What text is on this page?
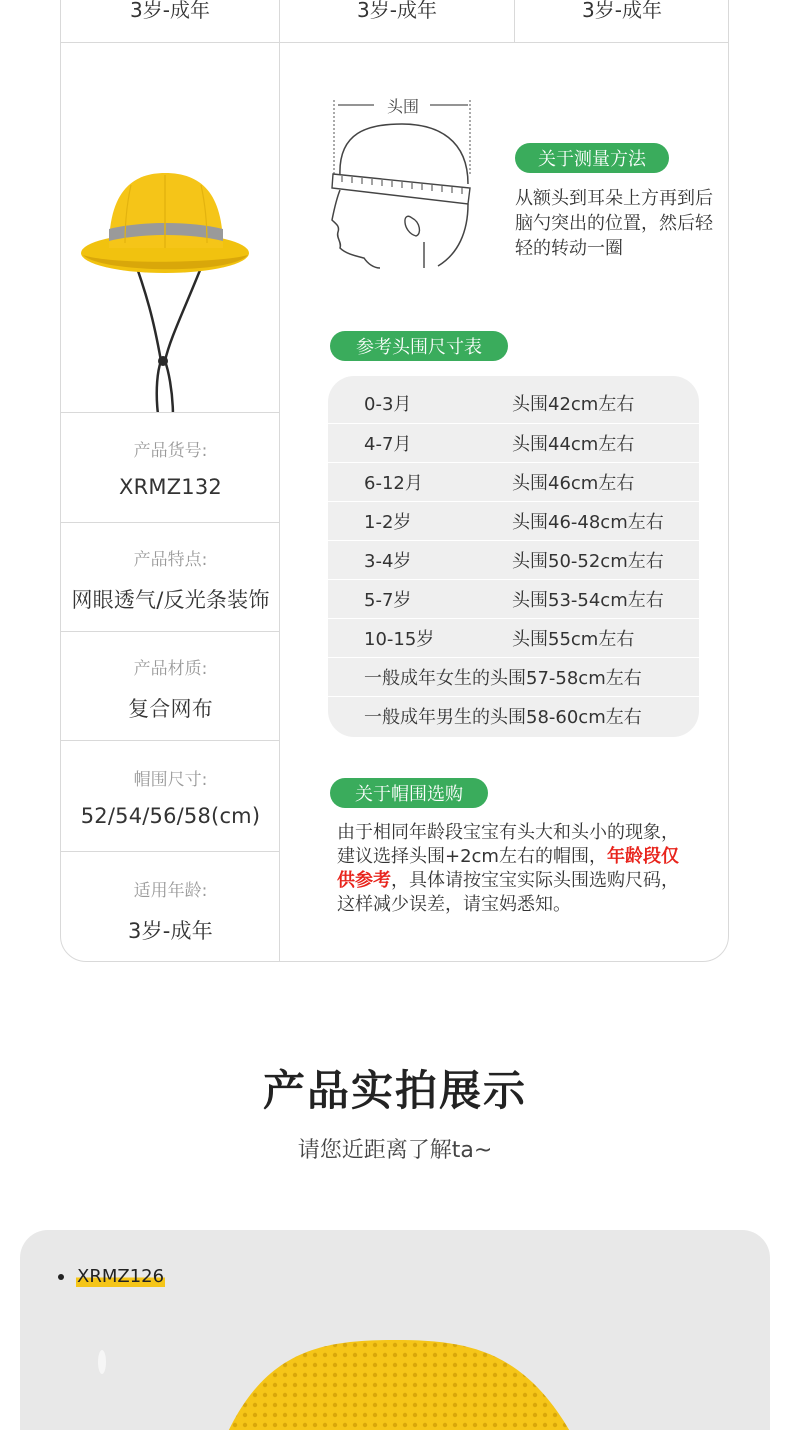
3岁-成年	3岁-成年	3岁-成年
产品货号:
XRMZ132
产品特点:
网眼透气/反光条装饰
产品材质:
复合网布
帽围尺寸:
52/54/56/58(cm)
适用年龄:
3岁-成年
头围
关于测量方法
从额头到耳朵上方再到后脑勺突出的位置，然后轻轻的转动一圈
参考头围尺寸表
0-3月	头围42cm左右
4-7月	头围44cm左右
6-12月	头围46cm左右
1-2岁	头围46-48cm左右
3-4岁	头围50-52cm左右
5-7岁	头围53-54cm左右
10-15岁	头围55cm左右
一般成年女生的头围57-58cm左右
一般成年男生的头围58-60cm左右
关于帽围选购
由于相同年龄段宝宝有头大和头小的现象，建议选择头围+2cm左右的帽围，年龄段仅供参考，具体请按宝宝实际头围选购尺码，这样减少误差，请宝妈悉知。
产品实拍展示
请您近距离了解ta~
XRMZ126
